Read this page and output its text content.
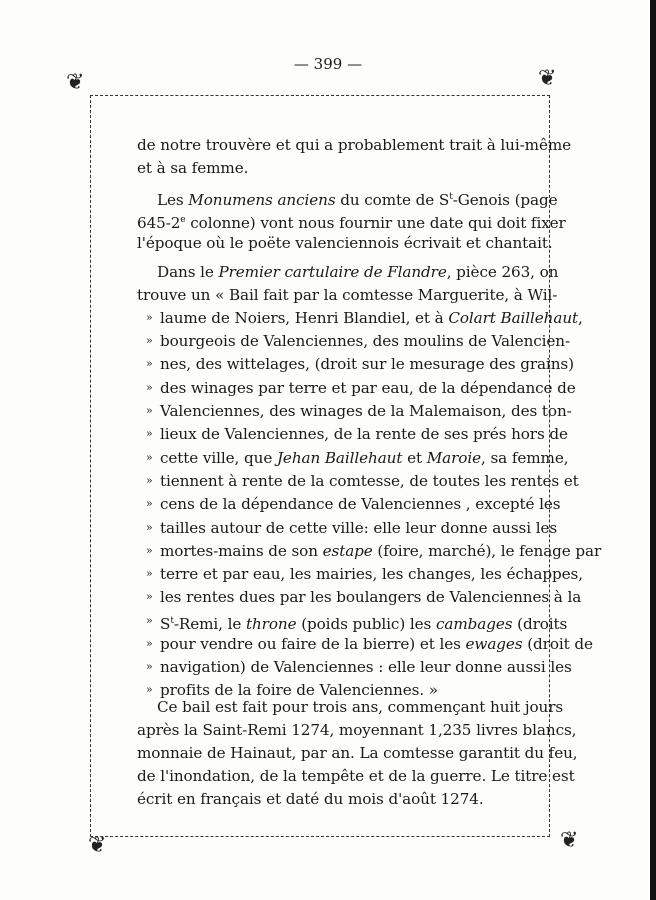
— 399 —
❦	❦
❦	❦
de notre trouvère et qui a probablement trait à lui-même
et à sa femme.
Les Monumens anciens du comte de $S^t$-Genois (page
645-2e colonne) vont nous fournir une date qui doit fixer
l'époque où le poëte valenciennois écrivait et chantait.
Dans le Premier cartulaire de Flandre, pièce 263, on
trouve un « Bail fait par la comtesse Marguerite, à Wil-
» laume de Noiers, Henri Blandiel, et à Colart Baillehaut,
» bourgeois de Valenciennes, des moulins de Valencien-
» nes, des wittelages, (droit sur le mesurage des grains)
» des winages par terre et par eau, de la dépendance de
» Valenciennes, des winages de la Malemaison, des ton-
» lieux de Valenciennes, de la rente de ses prés hors de
» cette ville, que Jehan Baillehaut et Maroie, sa femme,
» tiennent à rente de la comtesse, de toutes les rentes et
» cens de la dépendance de Valenciennes , excepté les
» tailles autour de cette ville: elle leur donne aussi les
» mortes-mains de son estape (foire, marché), le fenage par
» terre et par eau, les mairies, les changes, les échappes,
» les rentes dues par les boulangers de Valenciennes à la
» $S^t$-Remi, le throne (poids public) les cambages (droits
» pour vendre ou faire de la bierre) et les ewages (droit de
» navigation) de Valenciennes : elle leur donne aussi les
» profits de la foire de Valenciennes. »
Ce bail est fait pour trois ans, commençant huit jours
après la Saint-Remi 1274, moyennant 1,235 livres blancs,
monnaie de Hainaut, par an. La comtesse garantit du feu,
de l'inondation, de la tempête et de la guerre. Le titre est
écrit en français et daté du mois d'août 1274.
